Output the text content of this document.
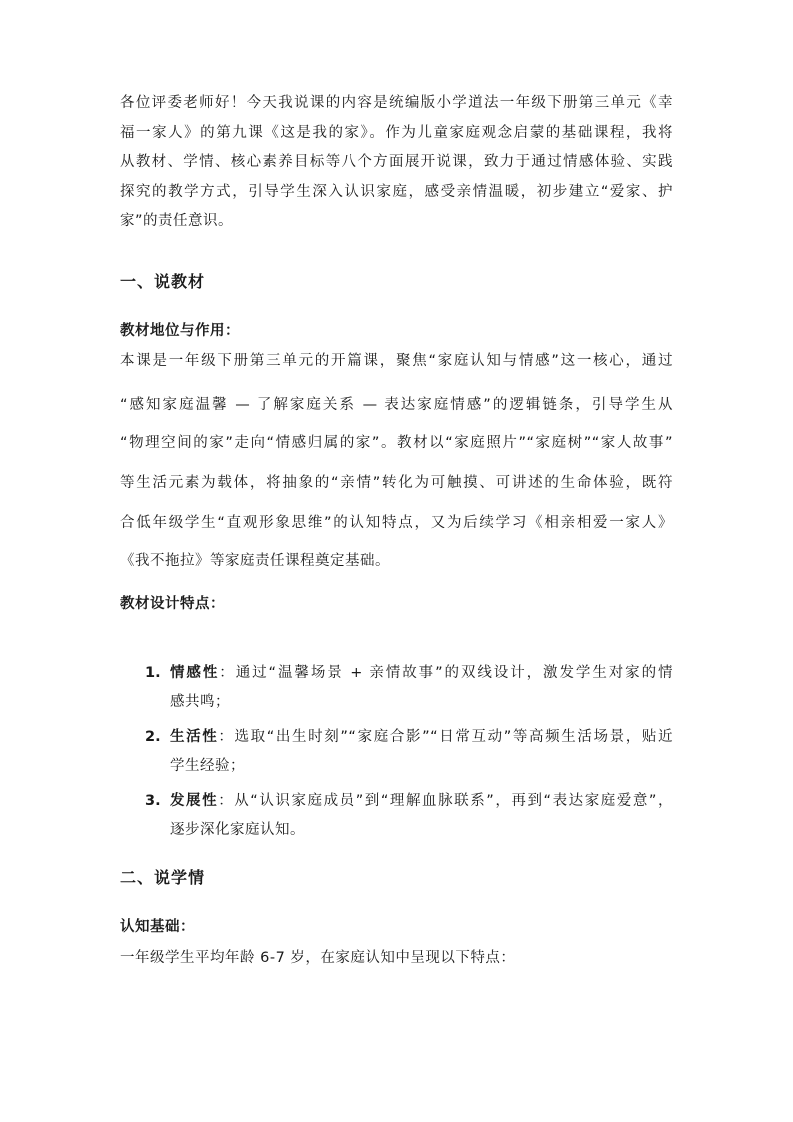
各位评委老师好！今天我说课的内容是统编版小学道法一年级下册第三单元《幸
福一家人》的第九课《这是我的家》。作为儿童家庭观念启蒙的基础课程，我将
从教材、学情、核心素养目标等八个方面展开说课，致力于通过情感体验、实践
探究的教学方式，引导学生深入认识家庭，感受亲情温暖，初步建立“爱家、护
家”的责任意识。
一、说教材
教材地位与作用：
本课是一年级下册第三单元的开篇课，聚焦“家庭认知与情感”这一核心，通过
“感知家庭温馨 — 了解家庭关系 — 表达家庭情感”的逻辑链条，引导学生从
“物理空间的家”走向“情感归属的家”。教材以“家庭照片”“家庭树”“家人故事”
等生活元素为载体，将抽象的“亲情”转化为可触摸、可讲述的生命体验，既符
合低年级学生“直观形象思维”的认知特点，又为后续学习《相亲相爱一家人》
《我不拖拉》等家庭责任课程奠定基础。
教材设计特点：
1. 情感性：通过“温馨场景 + 亲情故事”的双线设计，激发学生对家的情
感共鸣；
2. 生活性：选取“出生时刻”“家庭合影”“日常互动”等高频生活场景，贴近
学生经验；
3. 发展性：从“认识家庭成员”到“理解血脉联系”，再到“表达家庭爱意”，
逐步深化家庭认知。
二、说学情
认知基础：
一年级学生平均年龄 6-7 岁，在家庭认知中呈现以下特点：
